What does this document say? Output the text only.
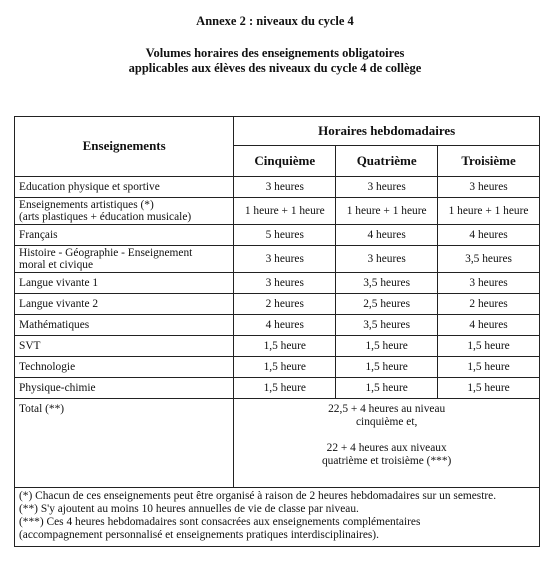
Annexe 2 : niveaux du cycle 4
Volumes horaires des enseignements obligatoires
applicables aux élèves des niveaux du cycle 4 de collège
Enseignements	Horaires hebdomadaires		
	Cinquième	Quatrième	Troisième

Education physique et sportive	3 heures	3 heures	3 heures

Enseignements artistiques (*)
(arts plastiques + éducation musicale)	1 heure + 1 heure	1 heure + 1 heure	1 heure + 1 heure

Français	5 heures	4 heures	4 heures

Histoire - Géographie - Enseignement
moral et civique	3 heures	3 heures	3,5 heures

Langue vivante 1	3 heures	3,5 heures	3 heures

Langue vivante 2	2 heures	2,5 heures	2 heures

Mathématiques	4 heures	3,5 heures	4 heures

SVT	1,5 heure	1,5 heure	1,5 heure

Technologie	1,5 heure	1,5 heure	1,5 heure

Physique-chimie	1,5 heure	1,5 heure	1,5 heure
Total (**)	22,5 + 4 heures au niveau
cinquième et,
22 + 4 heures aux niveaux
quatrième et troisième (***)		

(*) Chacun de ces enseignements peut être organisé à raison de 2 heures hebdomadaires sur un semestre.
(**) S'y ajoutent au moins 10 heures annuelles de vie de classe par niveau.
(***) Ces 4 heures hebdomadaires sont consacrées aux enseignements complémentaires
(accompagnement personnalisé et enseignements pratiques interdisciplinaires).			
